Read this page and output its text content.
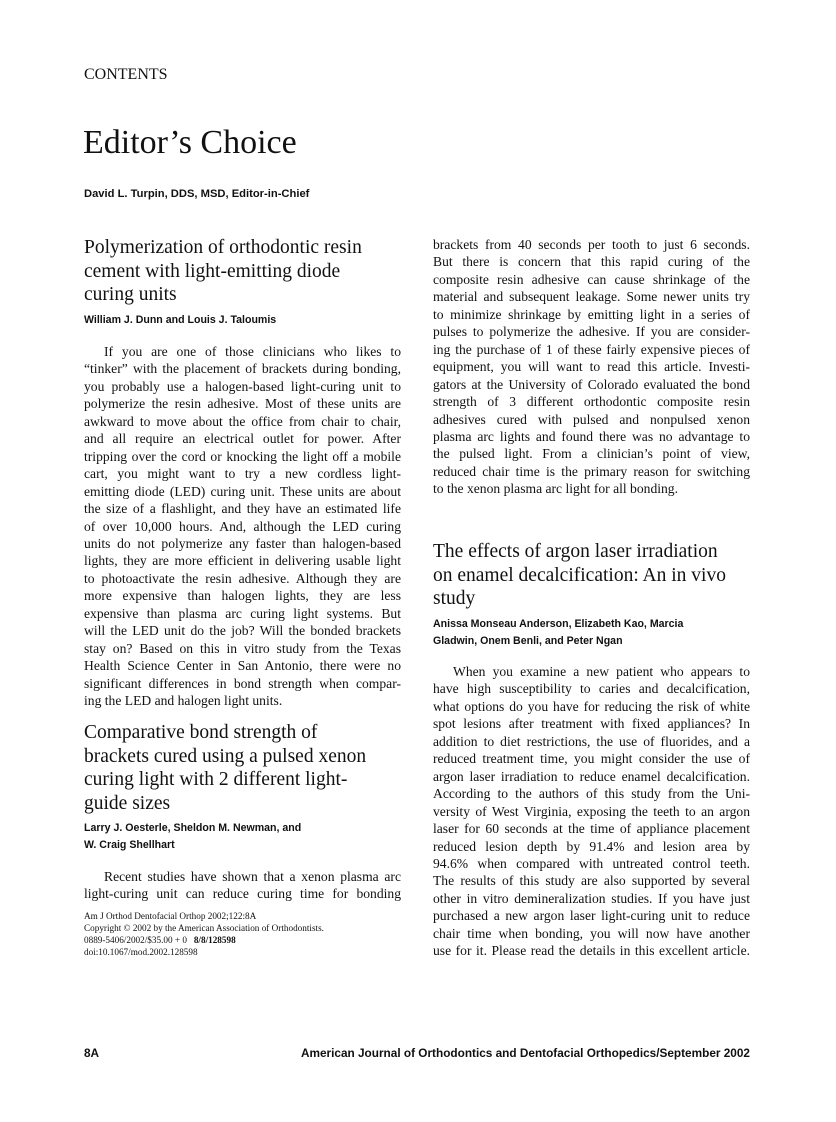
CONTENTS
Editor’s Choice
David L. Turpin, DDS, MSD, Editor-in-Chief
Polymerization of orthodontic resin
cement with light-emitting diode
curing units
William J. Dunn and Louis J. Taloumis
If you are one of those clinicians who likes to
“tinker” with the placement of brackets during bonding,
you probably use a halogen-based light-curing unit to
polymerize the resin adhesive. Most of these units are
awkward to move about the office from chair to chair,
and all require an electrical outlet for power. After
tripping over the cord or knocking the light off a mobile
cart, you might want to try a new cordless light-
emitting diode (LED) curing unit. These units are about
the size of a flashlight, and they have an estimated life
of over 10,000 hours. And, although the LED curing
units do not polymerize any faster than halogen-based
lights, they are more efficient in delivering usable light
to photoactivate the resin adhesive. Although they are
more expensive than halogen lights, they are less
expensive than plasma arc curing light systems. But
will the LED unit do the job? Will the bonded brackets
stay on? Based on this in vitro study from the Texas
Health Science Center in San Antonio, there were no
significant differences in bond strength when compar-
ing the LED and halogen light units.
Comparative bond strength of
brackets cured using a pulsed xenon
curing light with 2 different light-
guide sizes
Larry J. Oesterle, Sheldon M. Newman, and
W. Craig Shellhart
Recent studies have shown that a xenon plasma arc
light-curing unit can reduce curing time for bonding
Am J Orthod Dentofacial Orthop 2002;122:8A
Copyright © 2002 by the American Association of Orthodontists.
0889-5406/2002/$35.00 + 0 8/8/128598
doi:10.1067/mod.2002.128598
brackets from 40 seconds per tooth to just 6 seconds.
But there is concern that this rapid curing of the
composite resin adhesive can cause shrinkage of the
material and subsequent leakage. Some newer units try
to minimize shrinkage by emitting light in a series of
pulses to polymerize the adhesive. If you are consider-
ing the purchase of 1 of these fairly expensive pieces of
equipment, you will want to read this article. Investi-
gators at the University of Colorado evaluated the bond
strength of 3 different orthodontic composite resin
adhesives cured with pulsed and nonpulsed xenon
plasma arc lights and found there was no advantage to
the pulsed light. From a clinician’s point of view,
reduced chair time is the primary reason for switching
to the xenon plasma arc light for all bonding.
The effects of argon laser irradiation
on enamel decalcification: An in vivo
study
Anissa Monseau Anderson, Elizabeth Kao, Marcia
Gladwin, Onem Benli, and Peter Ngan
When you examine a new patient who appears to
have high susceptibility to caries and decalcification,
what options do you have for reducing the risk of white
spot lesions after treatment with fixed appliances? In
addition to diet restrictions, the use of fluorides, and a
reduced treatment time, you might consider the use of
argon laser irradiation to reduce enamel decalcification.
According to the authors of this study from the Uni-
versity of West Virginia, exposing the teeth to an argon
laser for 60 seconds at the time of appliance placement
reduced lesion depth by 91.4% and lesion area by
94.6% when compared with untreated control teeth.
The results of this study are also supported by several
other in vitro demineralization studies. If you have just
purchased a new argon laser light-curing unit to reduce
chair time when bonding, you will now have another
use for it. Please read the details in this excellent article.
8A	American Journal of Orthodontics and Dentofacial Orthopedics/September 2002
